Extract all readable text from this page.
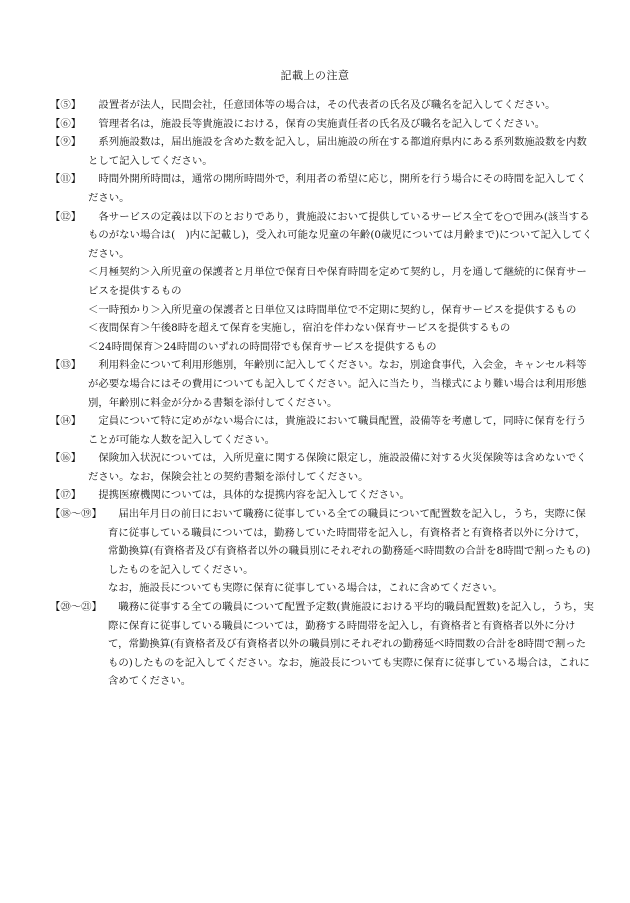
記載上の注意
【⑤】	設置者が法人，民間会社，任意団体等の場合は，その代表者の氏名及び職名を記入してください。
【⑥】	管理者名は，施設長等貴施設における，保育の実施責任者の氏名及び職名を記入してください。
【⑨】	系列施設数は，届出施設を含めた数を記入し，届出施設の所在する都道府県内にある系列数施設数を内数として記入してください。
【⑪】	時間外開所時間は，通常の開所時間外で，利用者の希望に応じ，開所を行う場合にその時間を記入してください。
【⑫】	各サービスの定義は以下のとおりであり，貴施設において提供しているサービス全てを○で囲み(該当するものがない場合は(　)内に記載し)，受入れ可能な児童の年齢(0歳児については月齢まで)について記入してください。
＜月極契約＞入所児童の保護者と月単位で保育日や保育時間を定めて契約し，月を通して継続的に保育サービスを提供するもの
＜一時預かり＞入所児童の保護者と日単位又は時間単位で不定期に契約し，保育サービスを提供するもの
＜夜間保育＞午後8時を超えて保育を実施し，宿泊を伴わない保育サービスを提供するもの
＜24時間保育＞24時間のいずれの時間帯でも保育サービスを提供するもの
【⑬】	利用料金について利用形態別，年齢別に記入してください。なお，別途食事代，入会金，キャンセル料等が必要な場合にはその費用についても記入してください。記入に当たり，当様式により難い場合は利用形態別，年齢別に料金が分かる書類を添付してください。
【⑭】	定員について特に定めがない場合には，貴施設において職員配置，設備等を考慮して，同時に保育を行うことが可能な人数を記入してください。
【⑯】	保険加入状況については，入所児童に関する保険に限定し，施設設備に対する火災保険等は含めないでください。なお，保険会社との契約書類を添付してください。
【⑰】	提携医療機関については，具体的な提携内容を記入してください。
【⑱～⑲】	届出年月日の前日において職務に従事している全ての職員について配置数を記入し，うち，実際に保育に従事している職員については，勤務していた時間帯を記入し，有資格者と有資格者以外に分けて，常勤換算(有資格者及び有資格者以外の職員別にそれぞれの勤務延べ時間数の合計を8時間で割ったもの)したものを記入してください。
なお，施設長についても実際に保育に従事している場合は，これに含めてください。
【⑳～㉑】	職務に従事する全ての職員について配置予定数(貴施設における平均的職員配置数)を記入し，うち，実際に保育に従事している職員については，勤務する時間帯を記入し，有資格者と有資格者以外に分けて，常勤換算(有資格者及び有資格者以外の職員別にそれぞれの勤務延べ時間数の合計を8時間で割ったもの)したものを記入してください。なお，施設長についても実際に保育に従事している場合は，これに含めてください。
